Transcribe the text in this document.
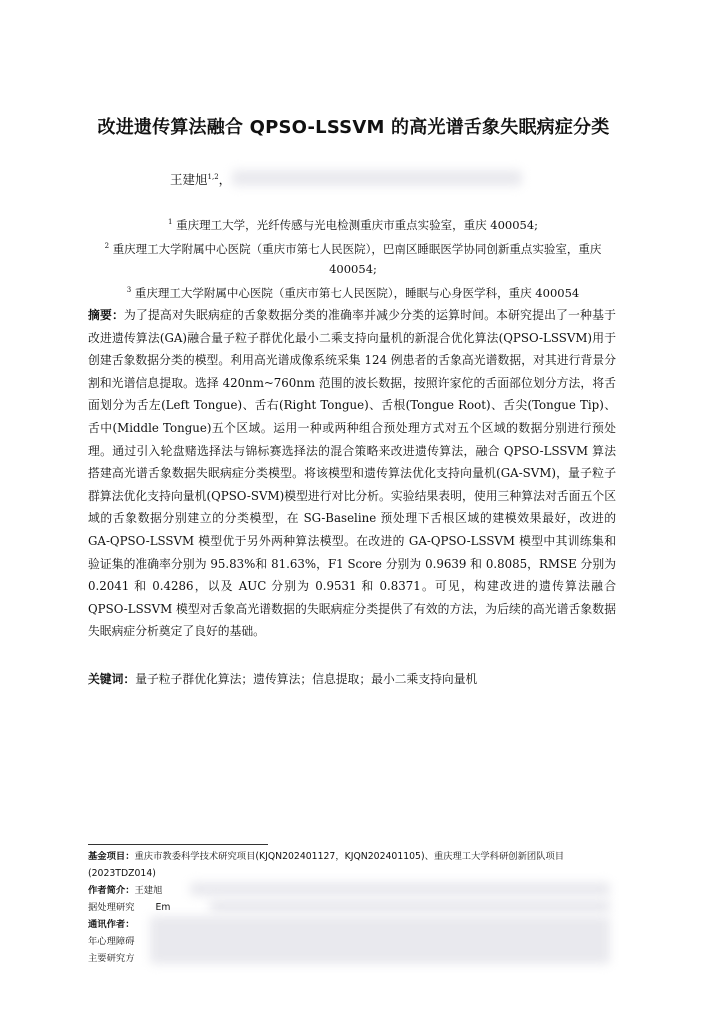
改进遗传算法融合 QPSO-LSSVM 的高光谱舌象失眠病症分类
王建旭$^{1,2}$，
$^1$ 重庆理工大学，光纤传感与光电检测重庆市重点实验室，重庆 400054;
$^2$ 重庆理工大学附属中心医院（重庆市第七人民医院），巴南区睡眠医学协同创新重点实验室，重庆 400054;
$^3$ 重庆理工大学附属中心医院（重庆市第七人民医院），睡眠与心身医学科，重庆 400054
摘要：为了提高对失眠病症的舌象数据分类的准确率并减少分类的运算时间。本研究提出了一种基于改进遗传算法(GA)融合量子粒子群优化最小二乘支持向量机的新混合优化算法(QPSO-LSSVM)用于创建舌象数据分类的模型。利用高光谱成像系统采集 124 例患者的舌象高光谱数据，对其进行背景分割和光谱信息提取。选择 420nm~760nm 范围的波长数据，按照许家佗的舌面部位划分方法，将舌面划分为舌左(Left Tongue)、舌右(Right Tongue)、舌根(Tongue Root)、舌尖(Tongue Tip)、舌中(Middle Tongue)五个区域。运用一种或两种组合预处理方式对五个区域的数据分别进行预处理。通过引入轮盘赌选择法与锦标赛选择法的混合策略来改进遗传算法，融合 QPSO-LSSVM 算法搭建高光谱舌象数据失眠病症分类模型。将该模型和遗传算法优化支持向量机(GA-SVM)，量子粒子群算法优化支持向量机(QPSO-SVM)模型进行对比分析。实验结果表明，使用三种算法对舌面五个区域的舌象数据分别建立的分类模型，在 SG-Baseline 预处理下舌根区域的建模效果最好，改进的 GA-QPSO-LSSVM 模型优于另外两种算法模型。在改进的 GA-QPSO-LSSVM 模型中其训练集和验证集的准确率分别为 95.83%和 81.63%，F1 Score 分别为 0.9639 和 0.8085，RMSE 分别为 0.2041 和 0.4286，以及 AUC 分别为 0.9531 和 0.8371。可见，构建改进的遗传算法融合 QPSO-LSSVM 模型对舌象高光谱数据的失眠病症分类提供了有效的方法，为后续的高光谱舌象数据失眠病症分析奠定了良好的基础。
关键词：量子粒子群优化算法；遗传算法；信息提取；最小二乘支持向量机
基金项目：重庆市教委科学技术研究项目(KJQN202401127，KJQN202401105)、重庆理工大学科研创新团队项目(2023TDZ014)
作者简介：王建旭
据处理研究 Em
通讯作者：
年心理障碍
主要研究方
